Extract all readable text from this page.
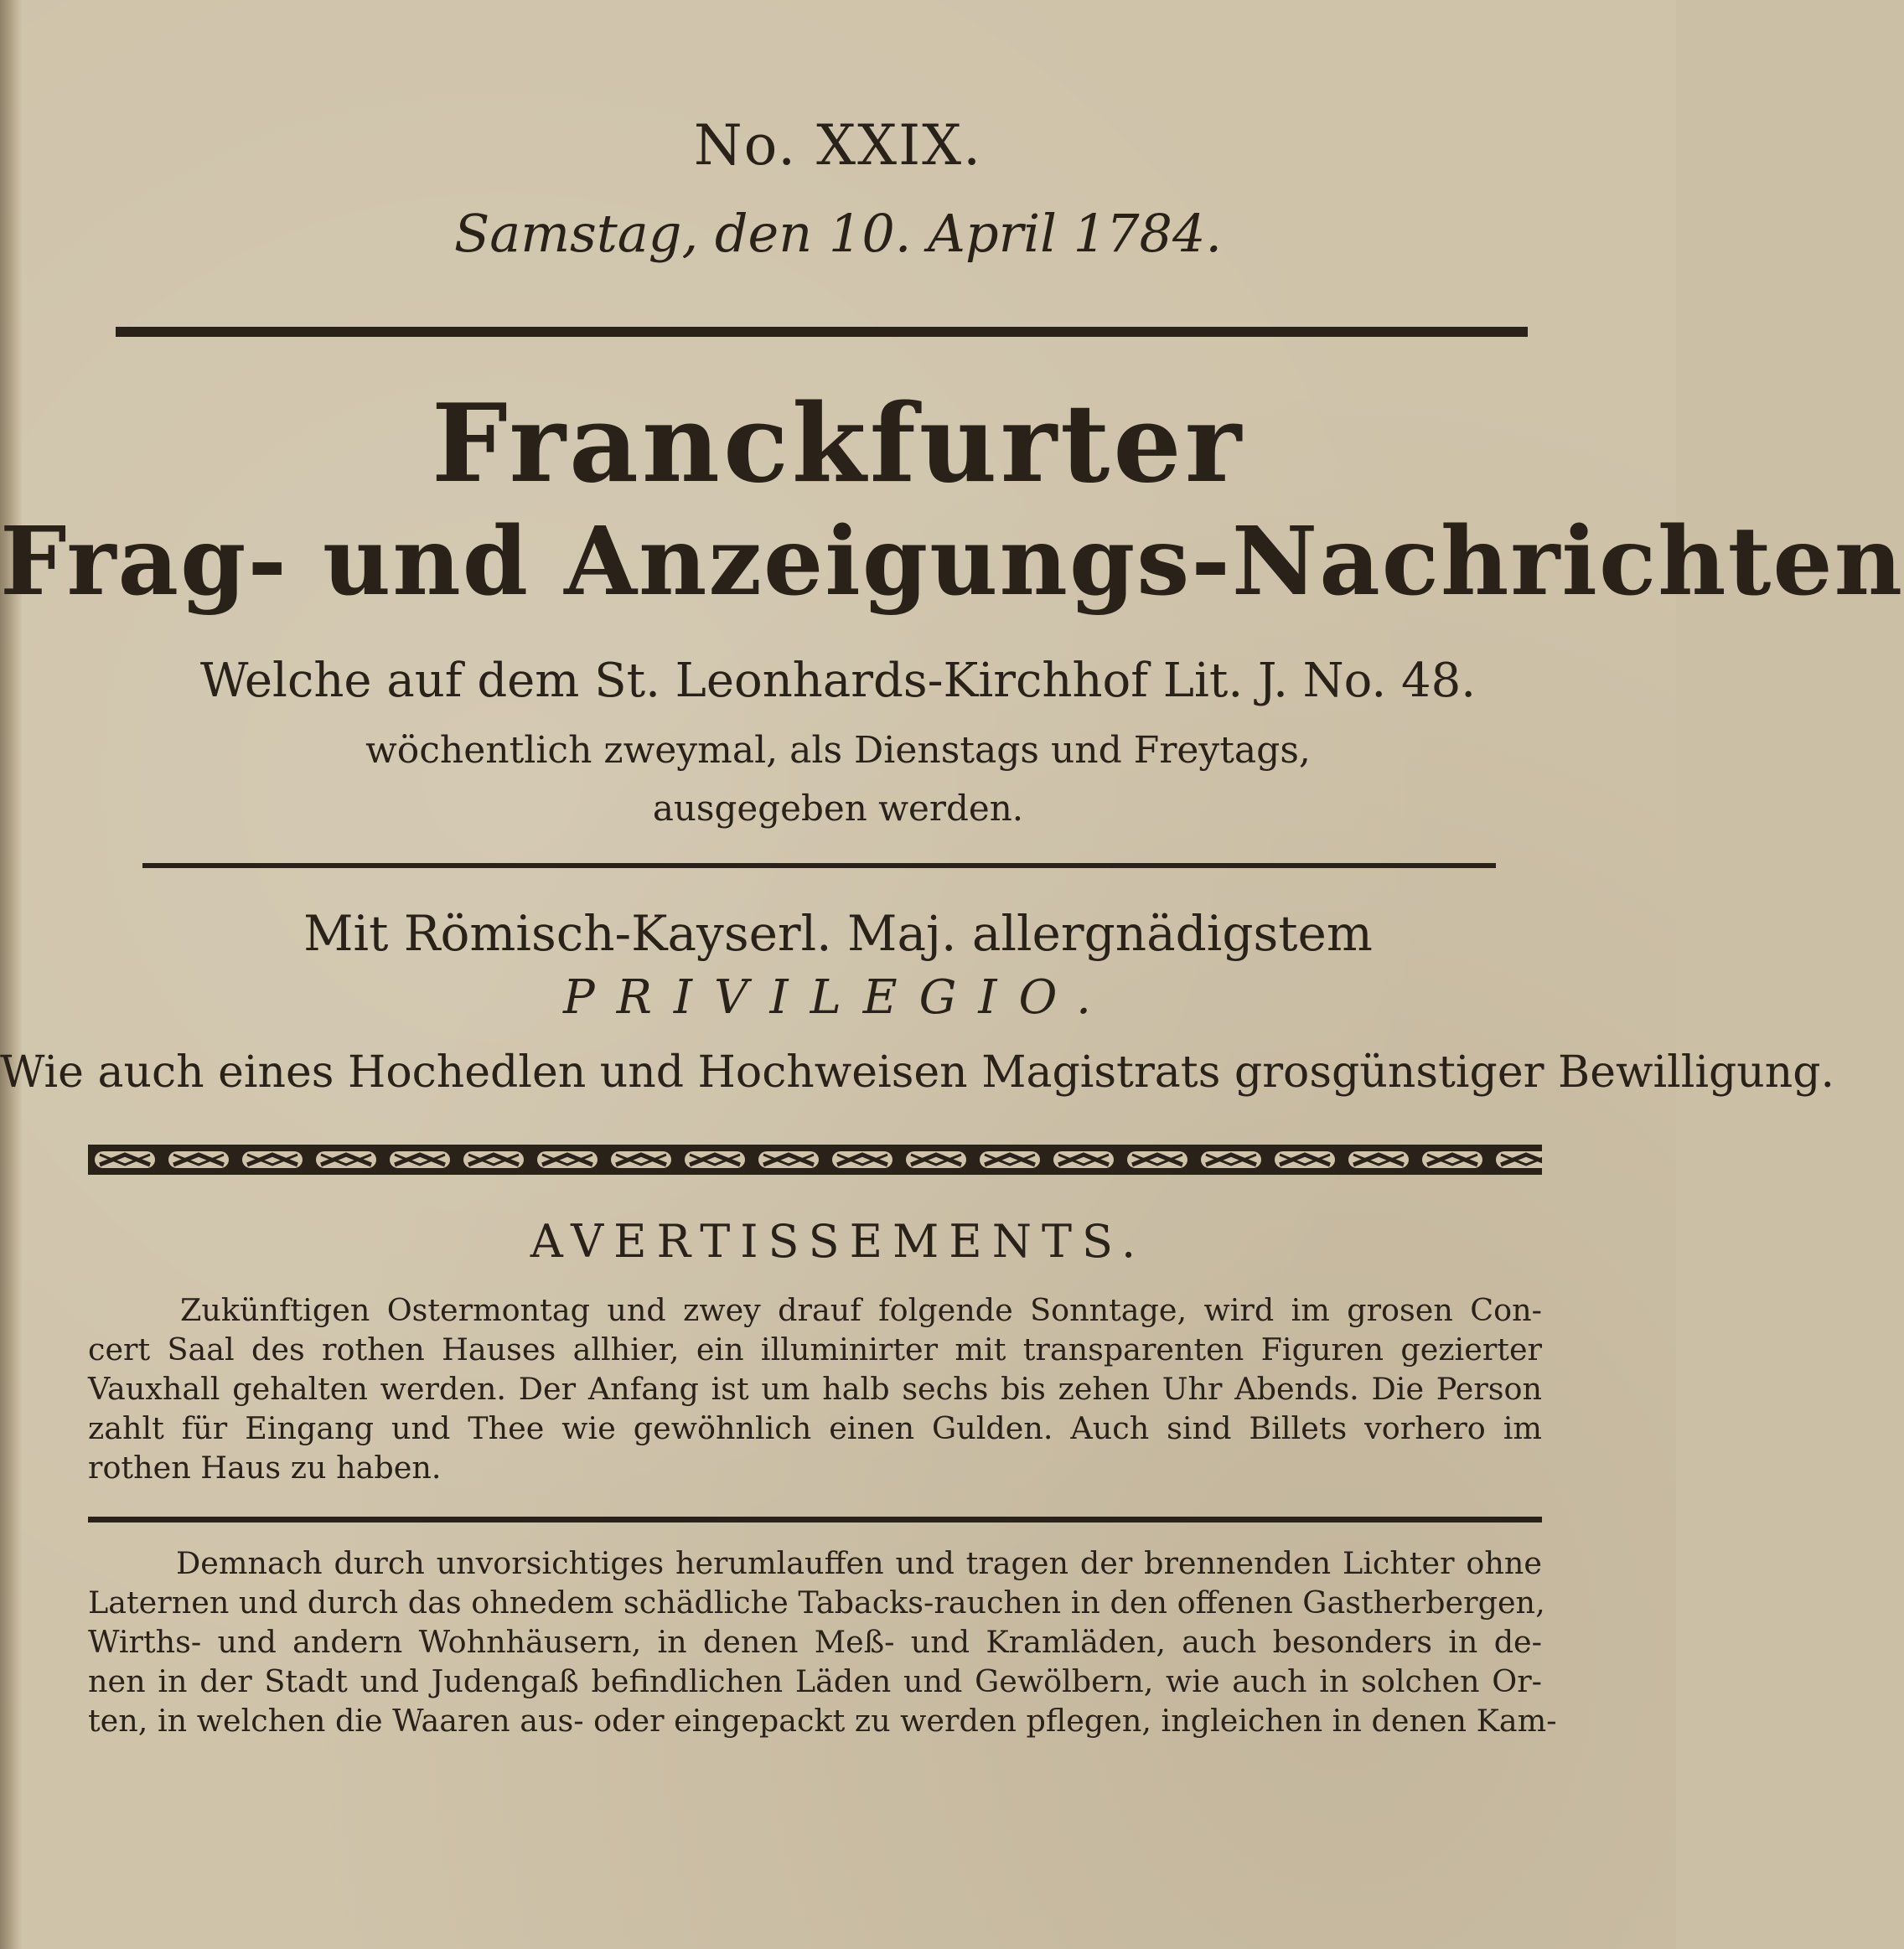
No. XXIX.
Samstag, den 10. April 1784.
Franckfurter
Frag- und Anzeigungs-Nachrichten
Welche auf dem St. Leonhards-Kirchhof Lit. J. No. 48.
wöchentlich zweymal, als Dienstags und Freytags,
ausgegeben werden.
Mit Römisch-Kayserl. Maj. allergnädigstem
PRIVILEGIO.
Wie auch eines Hochedlen und Hochweisen Magistrats grosgünstiger Bewilligung.
AVERTISSEMENTS.
Zukünftigen Ostermontag und zwey drauf folgende Sonntage, wird im grosen Con-
cert Saal des rothen Hauses allhier, ein illuminirter mit transparenten Figuren gezierter
Vauxhall gehalten werden. Der Anfang ist um halb sechs bis zehen Uhr Abends. Die Person
zahlt für Eingang und Thee wie gewöhnlich einen Gulden. Auch sind Billets vorhero im
rothen Haus zu haben.
Demnach durch unvorsichtiges herumlauffen und tragen der brennenden Lichter ohne
Laternen und durch das ohnedem schädliche Tabacks-rauchen in den offenen Gastherbergen,
Wirths- und andern Wohnhäusern, in denen Meß- und Kramläden, auch besonders in de-
nen in der Stadt und Judengaß befindlichen Läden und Gewölbern, wie auch in solchen Or-
ten, in welchen die Waaren aus- oder eingepackt zu werden pflegen, ingleichen in denen Kam-
